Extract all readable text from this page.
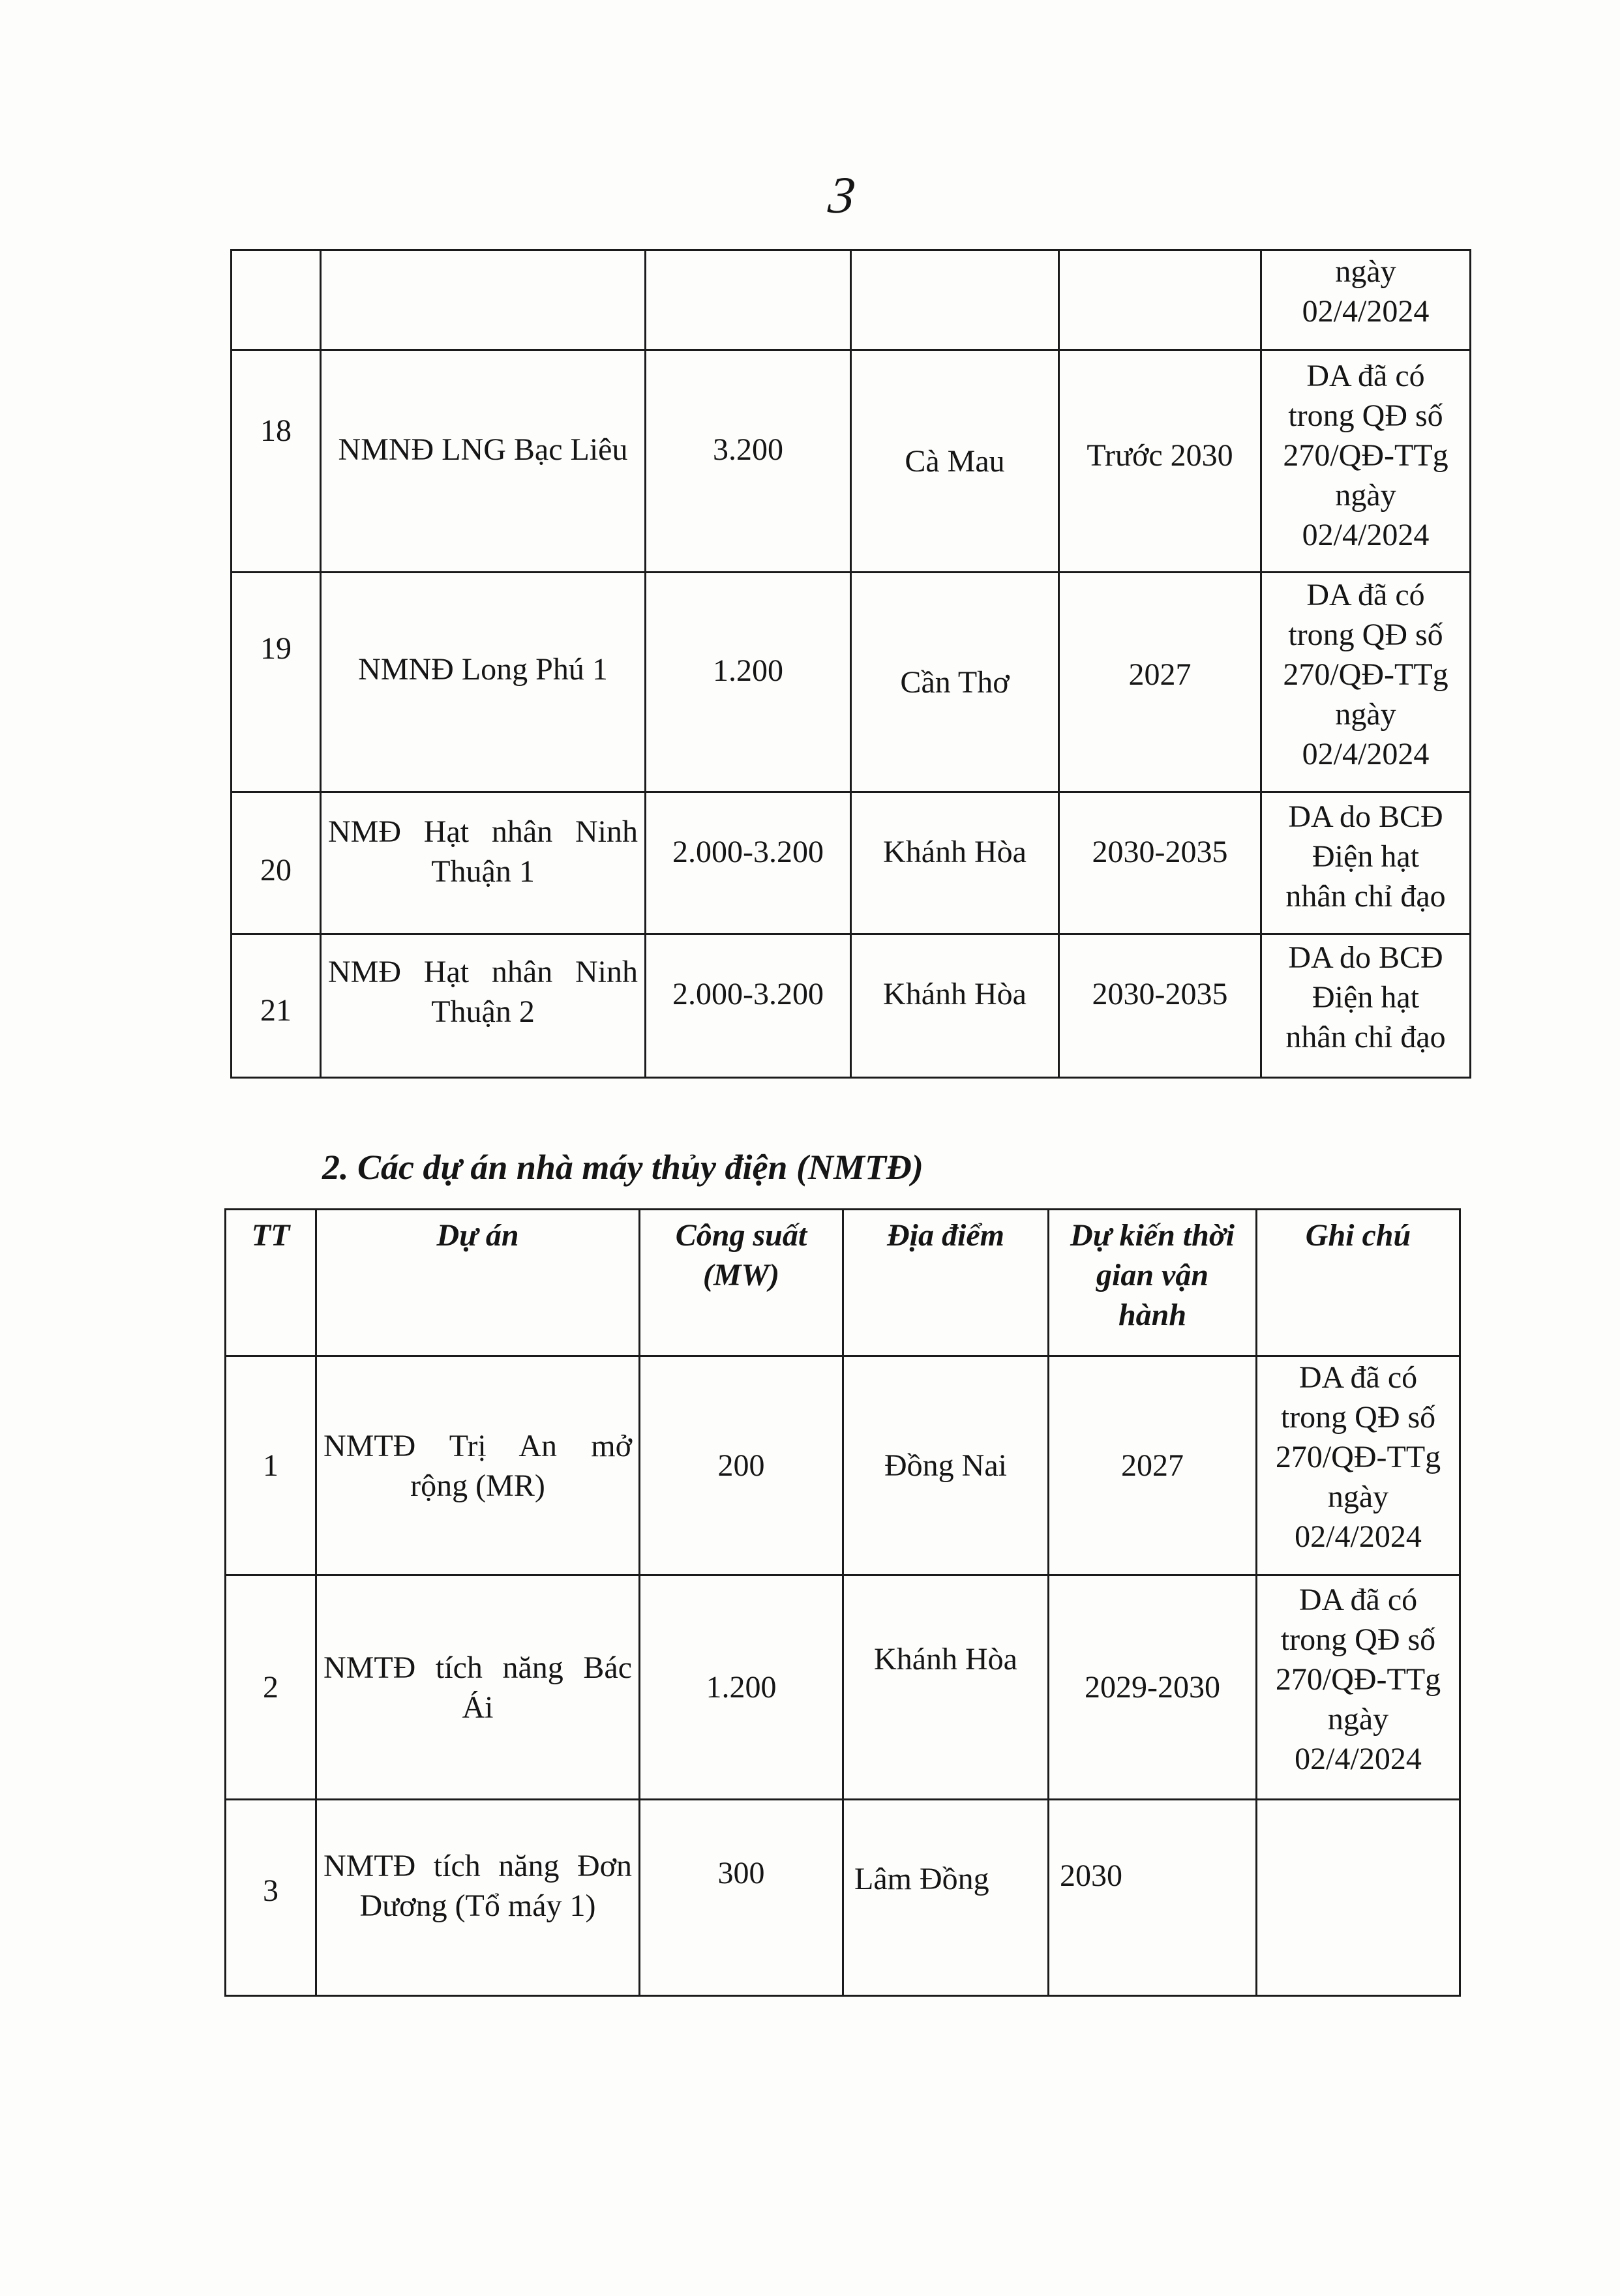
3

					ngày
02/4/2024

18	NMNĐ LNG Bạc Liêu	3.200	Cà Mau	Trước 2030	DA đã có
trong QĐ số
270/QĐ-TTg
ngày
02/4/2024

19	NMNĐ Long Phú 1	1.200	Cần Thơ	2027	DA đã có
trong QĐ số
270/QĐ-TTg
ngày
02/4/2024

20	NMĐ Hạt nhân Ninh
Thuận 1	2.000-3.200	Khánh Hòa	2030-2035	DA do BCĐ
Điện hạt
nhân chỉ đạo

21	NMĐ Hạt nhân Ninh
Thuận 2	2.000-3.200	Khánh Hòa	2030-2035	DA do BCĐ
Điện hạt
nhân chỉ đạo
2. Các dự án nhà máy thủy điện (NMTĐ)
TT	Dự án	Công suất
(MW)	Địa điểm	Dự kiến thời
gian vận
hành	Ghi chú

1	NMTĐ Trị An mở
rộng (MR)	200	Đồng Nai	2027	DA đã có
trong QĐ số
270/QĐ-TTg
ngày
02/4/2024

2	NMTĐ tích năng Bác
Ái	1.200	Khánh Hòa	2029-2030	DA đã có
trong QĐ số
270/QĐ-TTg
ngày
02/4/2024

3	NMTĐ tích năng Đơn
Dương (Tổ máy 1)	300	Lâm Đồng	2030	
